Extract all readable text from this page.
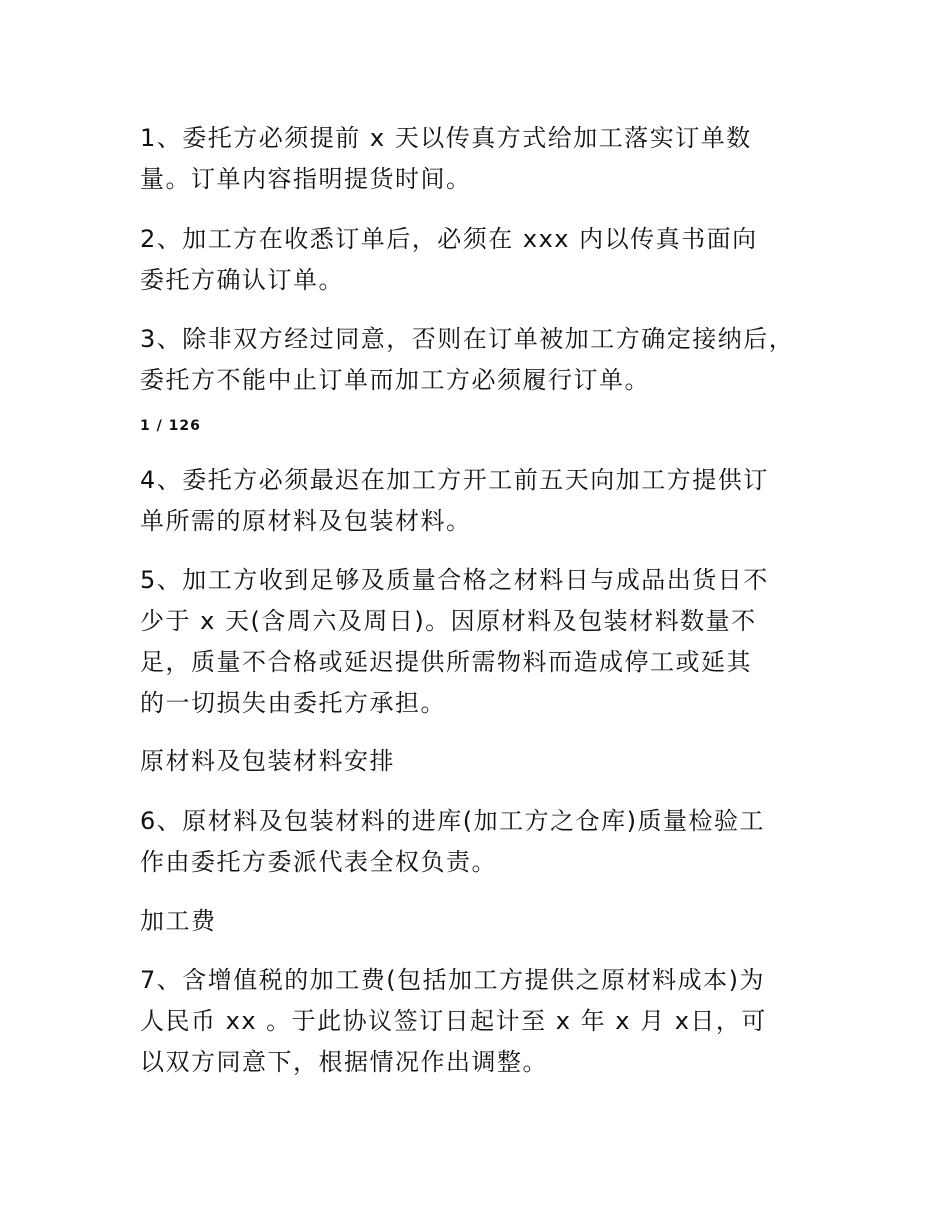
1、委托方必须提前 x 天以传真方式给加工落实订单数
量。订单内容指明提货时间。
2、加工方在收悉订单后，必须在 xxx 内以传真书面向
委托方确认订单。
3、除非双方经过同意，否则在订单被加工方确定接纳后，
委托方不能中止订单而加工方必须履行订单。
1 / 126
4、委托方必须最迟在加工方开工前五天向加工方提供订
单所需的原材料及包装材料。
5、加工方收到足够及质量合格之材料日与成品出货日不
少于 x 天(含周六及周日)。因原材料及包装材料数量不
足，质量不合格或延迟提供所需物料而造成停工或延其
的一切损失由委托方承担。
原材料及包装材料安排
6、原材料及包装材料的进库(加工方之仓库)质量检验工
作由委托方委派代表全权负责。
加工费
7、含增值税的加工费(包括加工方提供之原材料成本)为
人民币 xx 。于此协议签订日起计至 x 年 x 月 x日，可
以双方同意下，根据情况作出调整。
